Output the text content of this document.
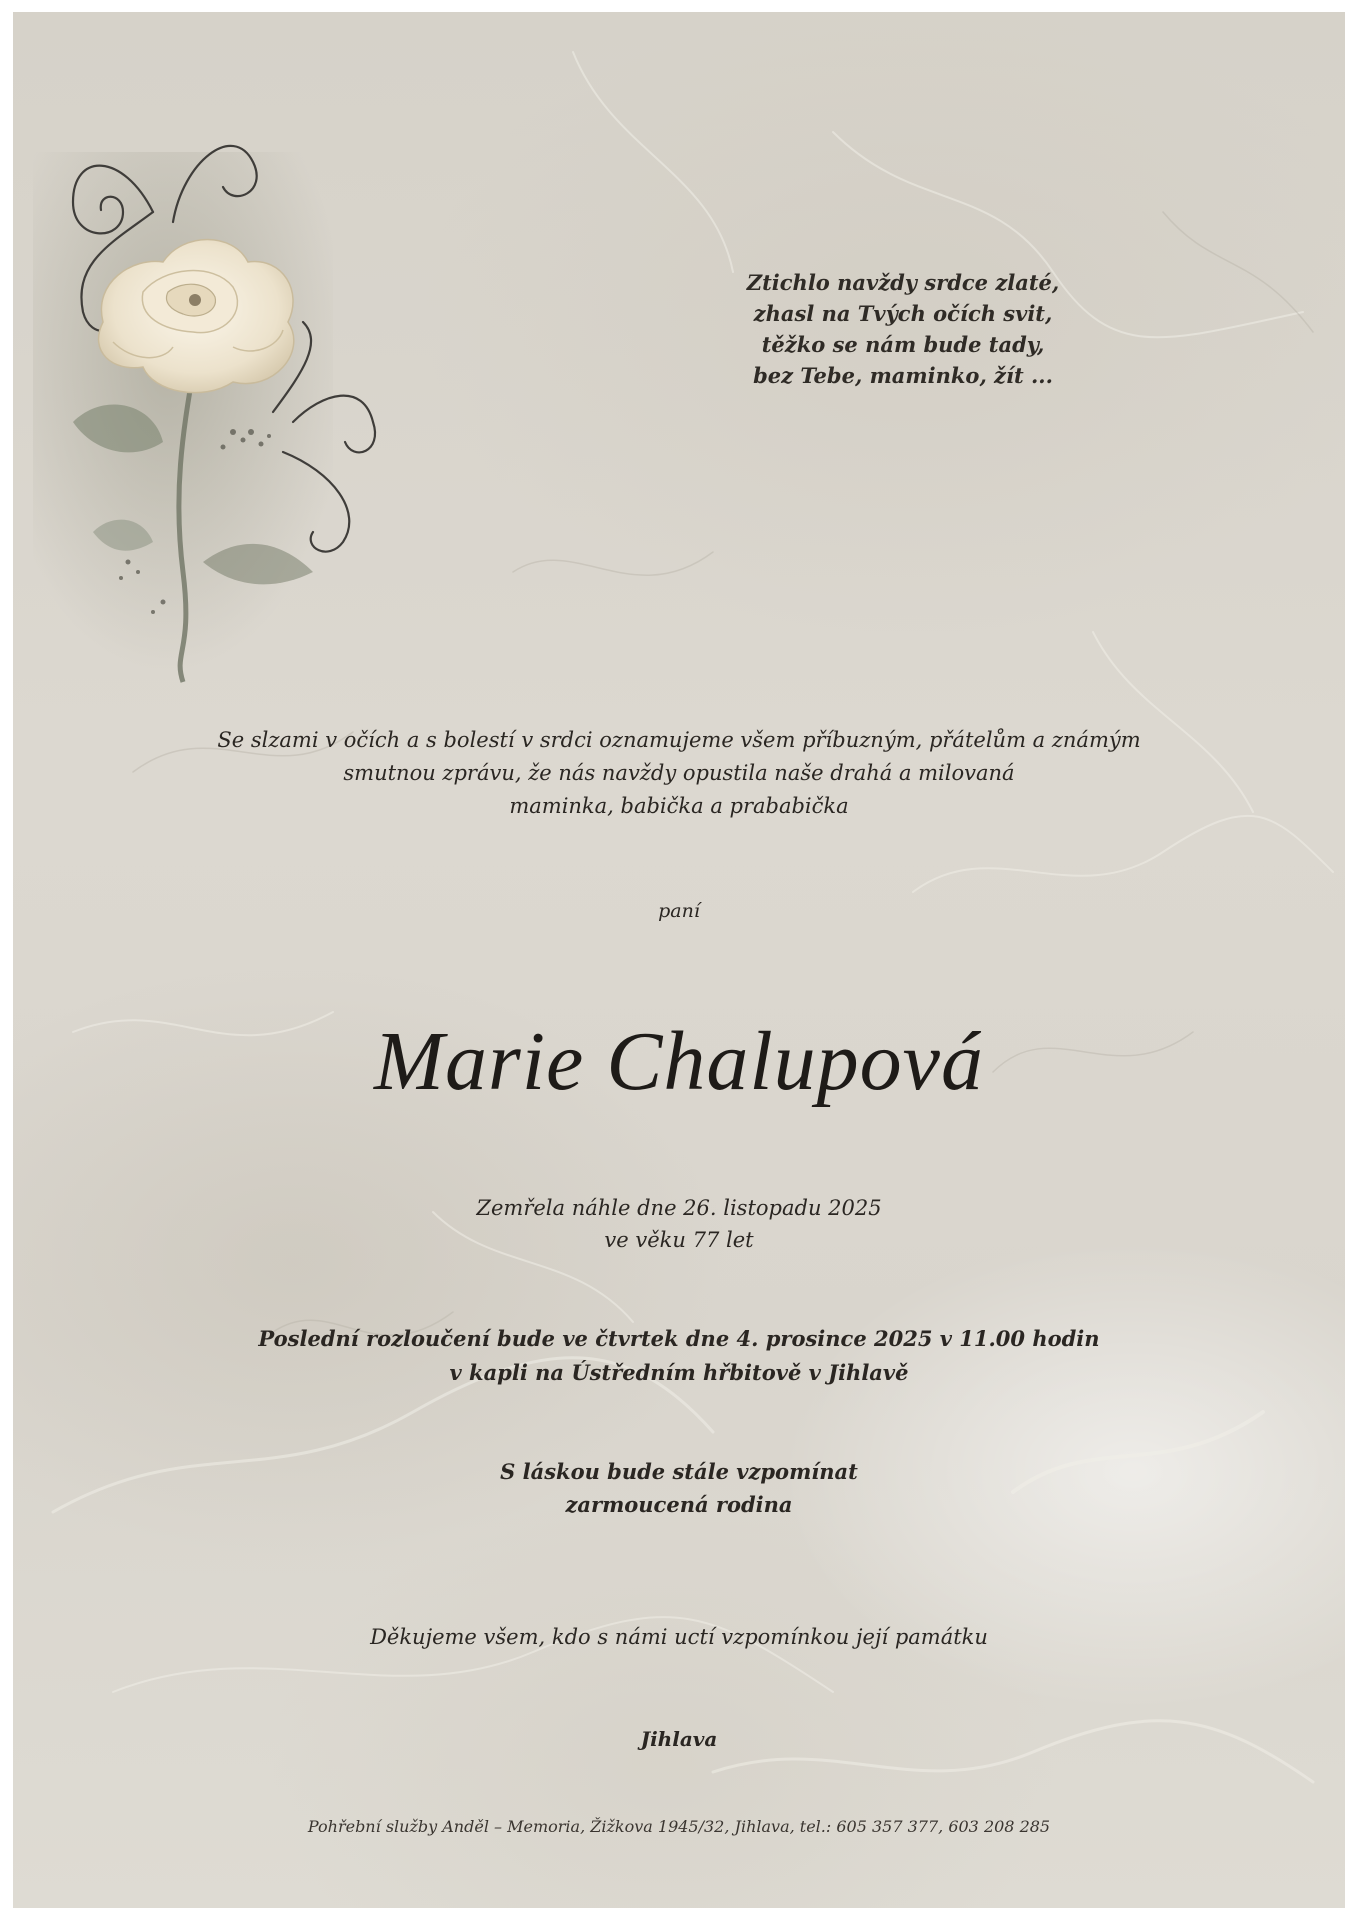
Ztichlo navždy srdce zlaté,
zhasl na Tvých očích svit,
těžko se nám bude tady,
bez Tebe, maminko, žít ...
Se slzami v očích a s bolestí v srdci oznamujeme všem příbuzným, přátelům a známým
smutnou zprávu, že nás navždy opustila naše drahá a milovaná
maminka, babička a prababička

paní

Marie Chalupová

Zemřela náhle dne 26. listopadu 2025
ve věku 77 let
Poslední rozloučení bude ve čtvrtek dne 4. prosince 2025 v 11.00 hodin
v kapli na Ústředním hřbitově v Jihlavě
S láskou bude stále vzpomínat
zarmoucená rodina

Děkujeme všem, kdo s námi uctí vzpomínkou její památku

Jihlava

Pohřební služby Anděl – Memoria, Žižkova 1945/32, Jihlava, tel.: 605 357 377, 603 208 285
